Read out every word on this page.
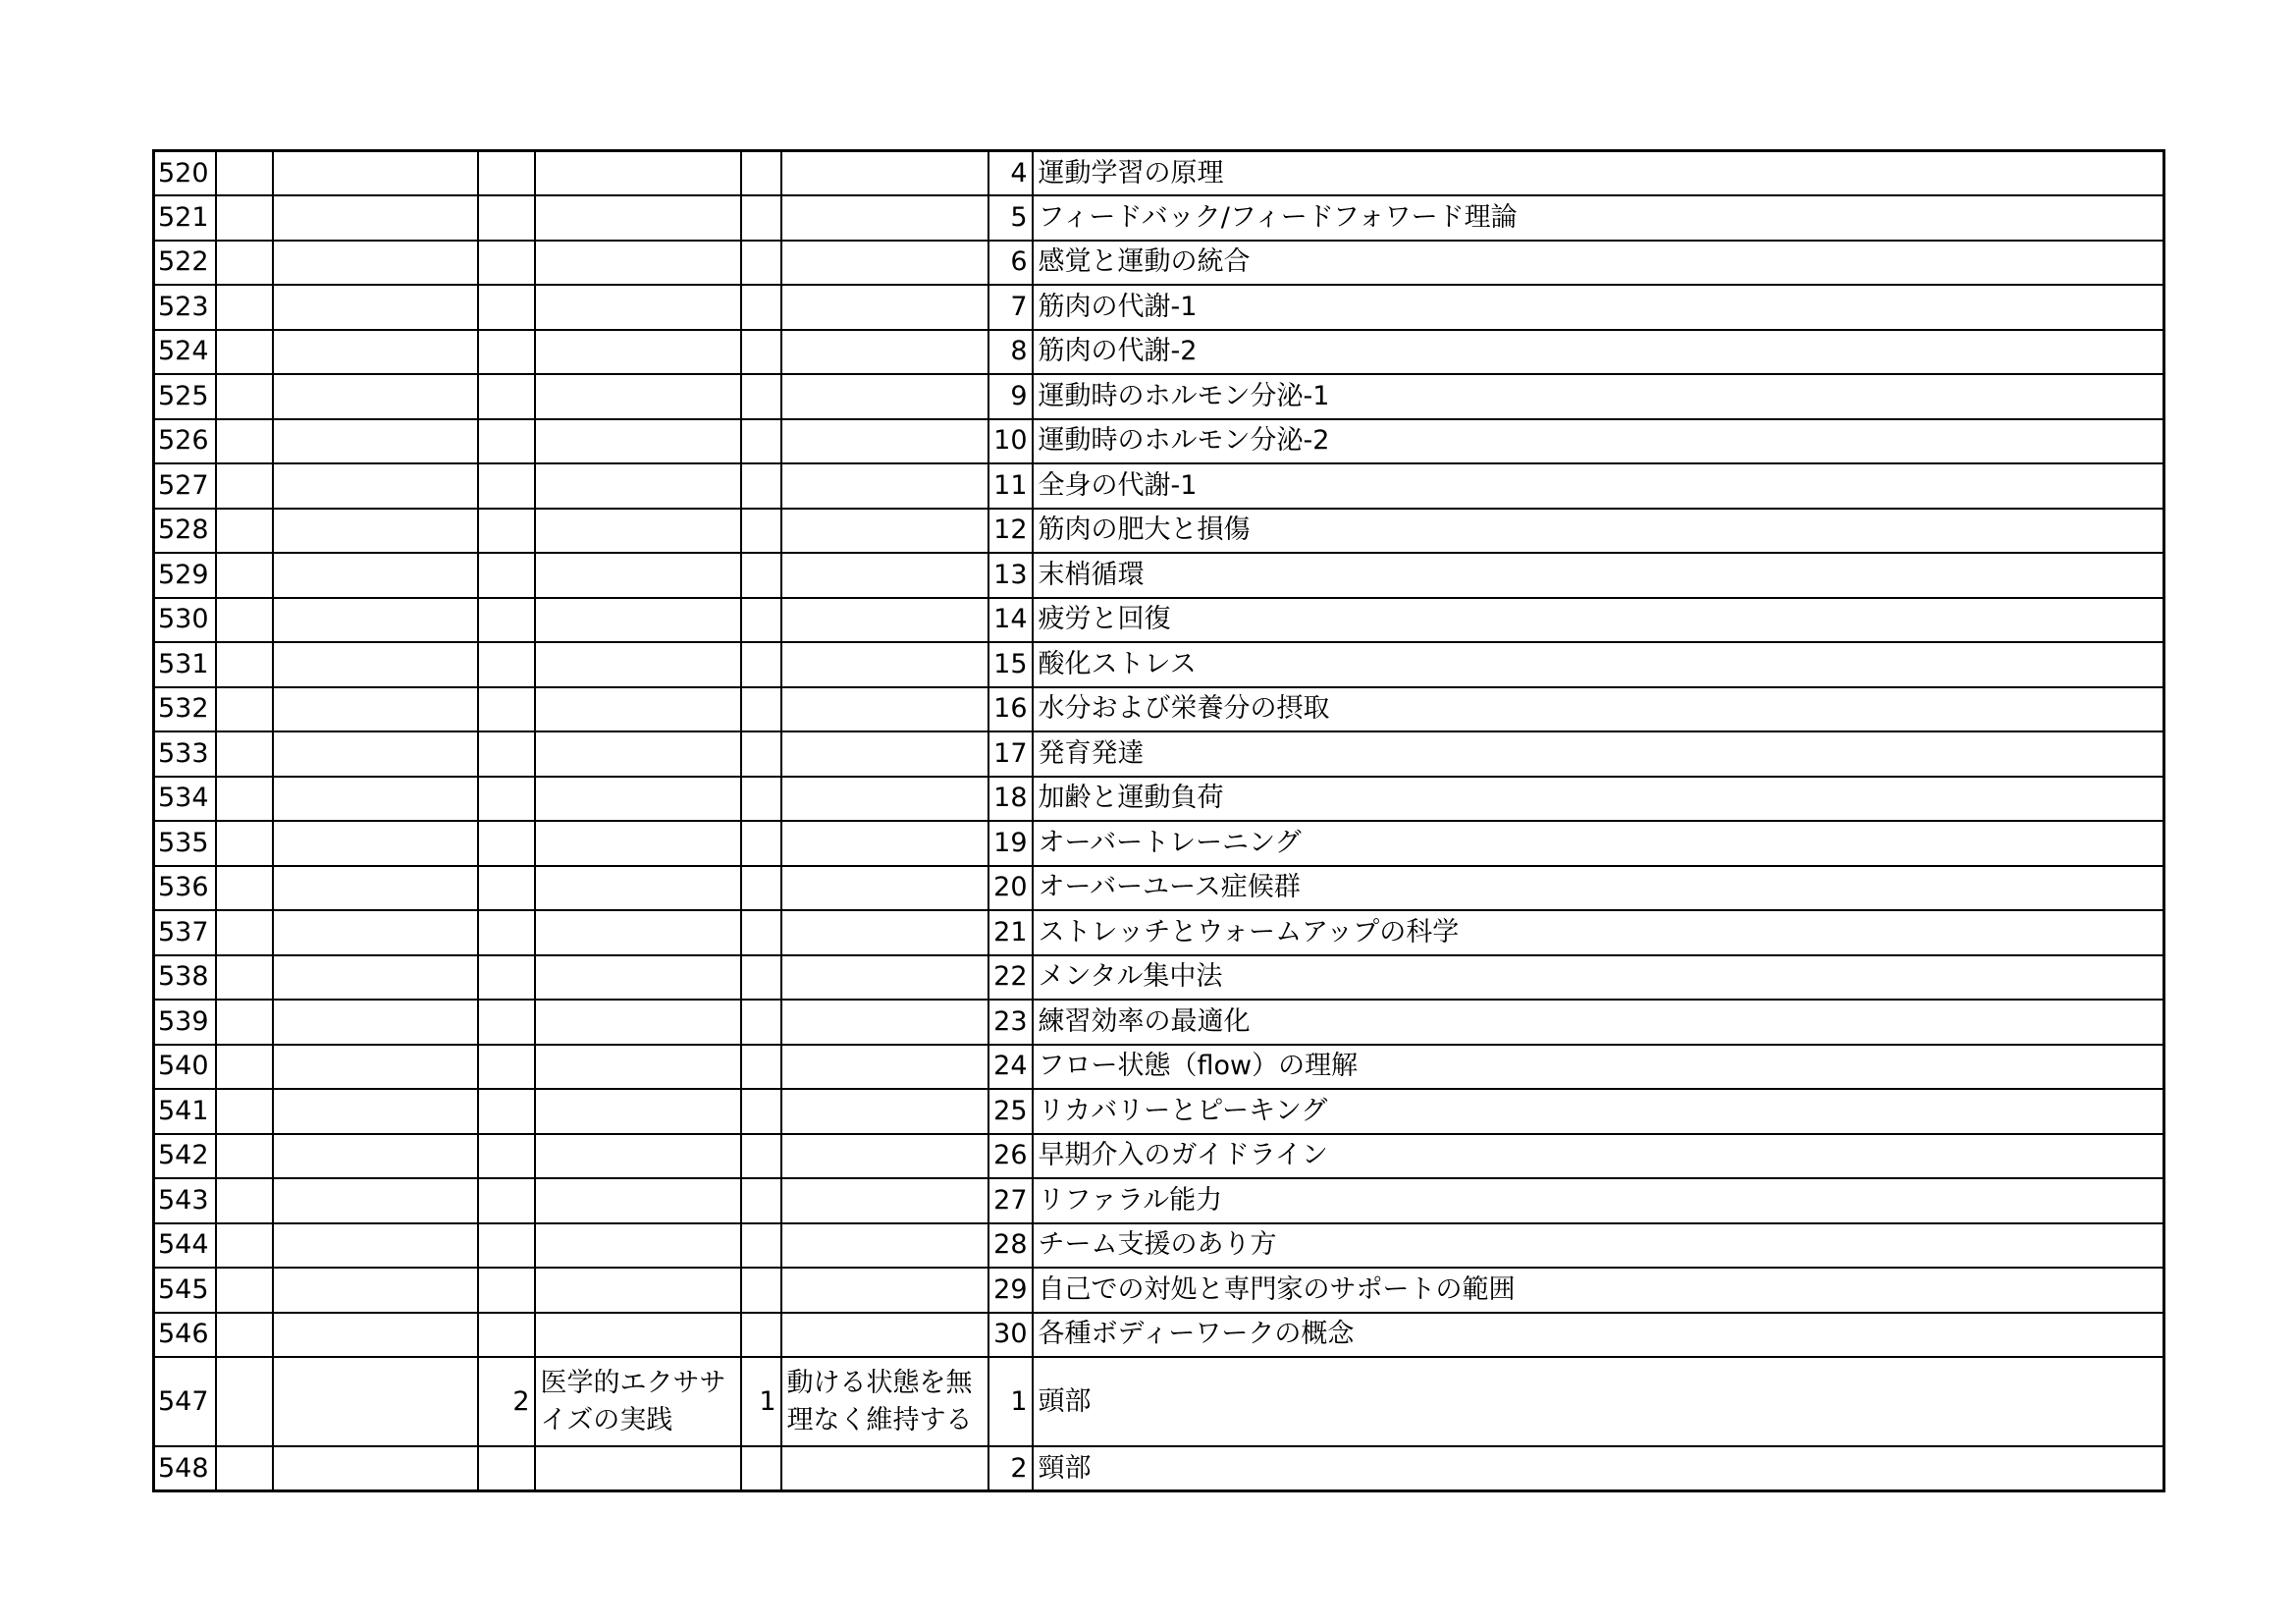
520							4	運動学習の原理
521							5	フィードバック/フィードフォワード理論
522							6	感覚と運動の統合
523							7	筋肉の代謝-1
524							8	筋肉の代謝-2
525							9	運動時のホルモン分泌-1
526							10	運動時のホルモン分泌-2
527							11	全身の代謝-1
528							12	筋肉の肥大と損傷
529							13	末梢循環
530							14	疲労と回復
531							15	酸化ストレス
532							16	水分および栄養分の摂取
533							17	発育発達
534							18	加齢と運動負荷
535							19	オーバートレーニング
536							20	オーバーユース症候群
537							21	ストレッチとウォームアップの科学
538							22	メンタル集中法
539							23	練習効率の最適化
540							24	フロー状態（flow）の理解
541							25	リカバリーとピーキング
542							26	早期介入のガイドライン
543							27	リファラル能力
544							28	チーム支援のあり方
545							29	自己での対処と専門家のサポートの範囲
546							30	各種ボディーワークの概念
547			2	医学的エクササイズの実践	1	動ける状態を無理なく維持する	1	頭部
548							2	頸部
